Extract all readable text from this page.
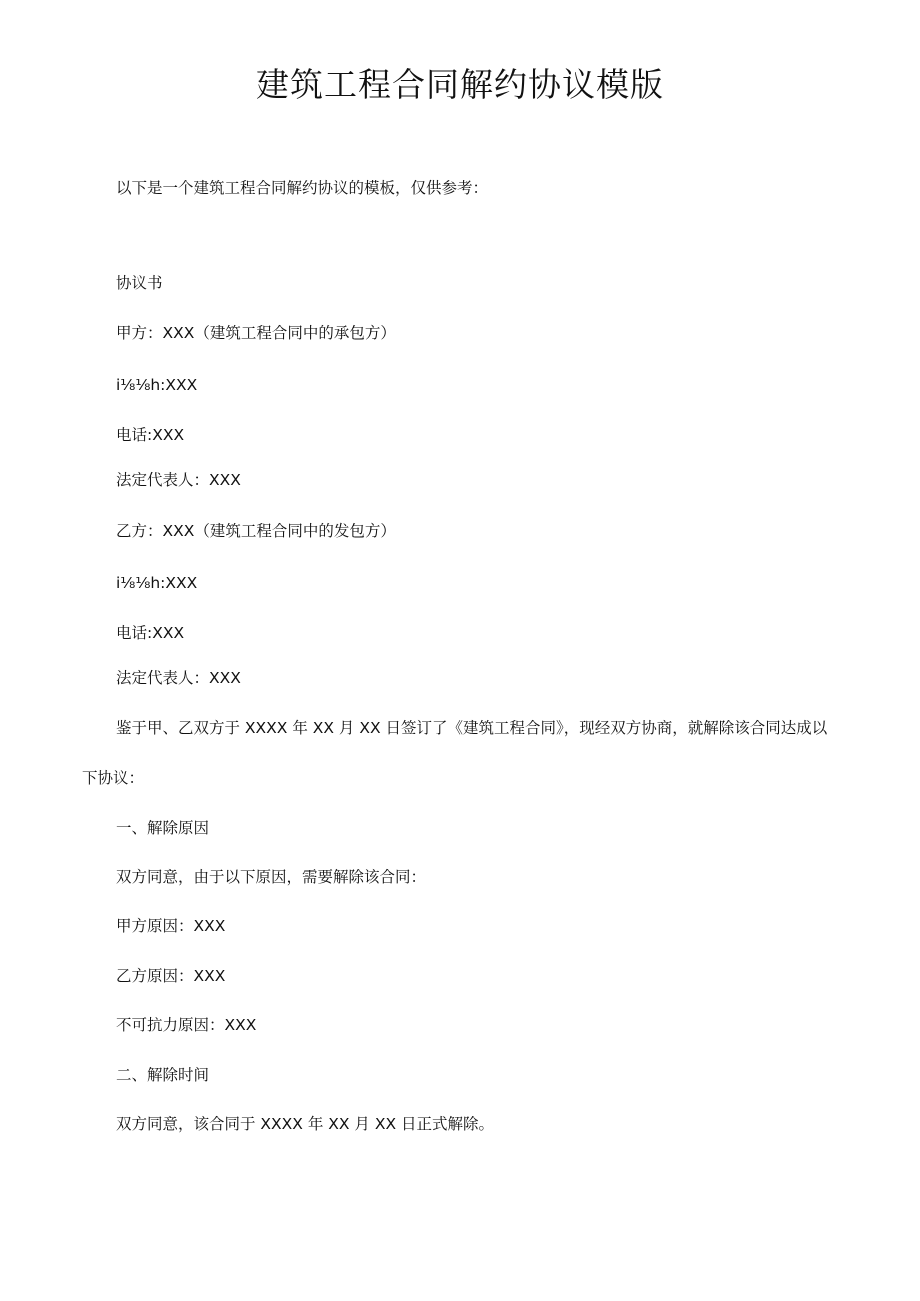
建筑工程合同解约协议模版

以下是一个建筑工程合同解约协议的模板，仅供参考：

协议书

甲方：XXX（建筑工程合同中的承包方）

i⅛⅛h:XXX

电话:XXX

法定代表人：XXX

乙方：XXX（建筑工程合同中的发包方）

i⅛⅛h:XXX

电话:XXX

法定代表人：XXX

鉴于甲、乙双方于 XXXX 年 XX 月 XX 日签订了《建筑工程合同》，现经双方协商，就解除该合同达成以

下协议：

一、解除原因

双方同意，由于以下原因，需要解除该合同：

甲方原因：XXX

乙方原因：XXX

不可抗力原因：XXX

二、解除时间

双方同意，该合同于 XXXX 年 XX 月 XX 日正式解除。
